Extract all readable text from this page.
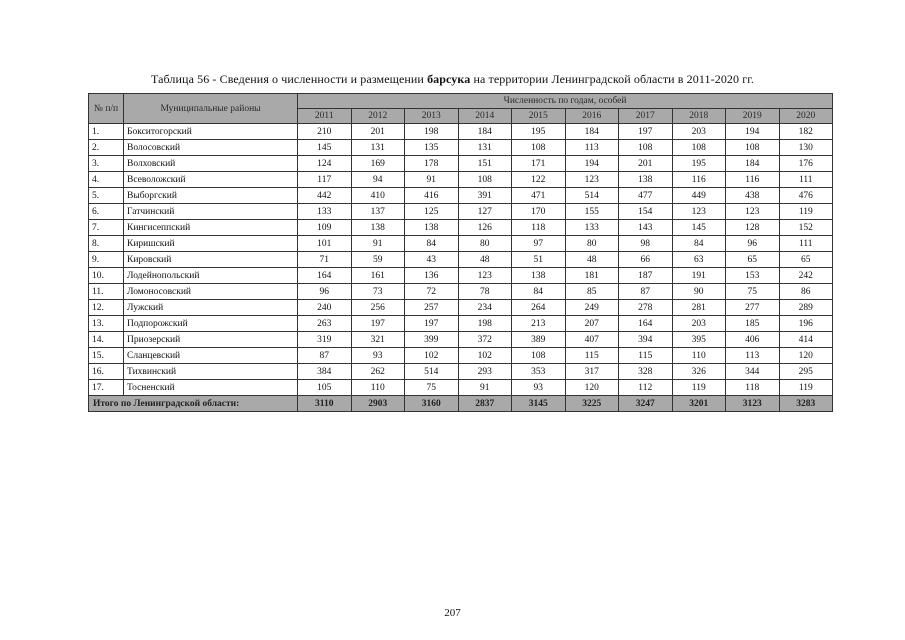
Таблица 56 - Сведения о численности и размещении барсука на территории Ленинградской области в 2011-2020 гг.
№ п/п	Муниципальные районы	Численность по годам, особей									
		2011	2012	2013	2014	2015	2016	2017	2018	2019	2020
1.	Бокситогорский	210	201	198	184	195	184	197	203	194	182
2.	Волосовский	145	131	135	131	108	113	108	108	108	130
3.	Волховский	124	169	178	151	171	194	201	195	184	176
4.	Всеволожский	117	94	91	108	122	123	138	116	116	111
5.	Выборгский	442	410	416	391	471	514	477	449	438	476
6.	Гатчинский	133	137	125	127	170	155	154	123	123	119
7.	Кингисеппский	109	138	138	126	118	133	143	145	128	152
8.	Киришский	101	91	84	80	97	80	98	84	96	111
9.	Кировский	71	59	43	48	51	48	66	63	65	65
10.	Лодейнопольский	164	161	136	123	138	181	187	191	153	242
11.	Ломоносовский	96	73	72	78	84	85	87	90	75	86
12.	Лужский	240	256	257	234	264	249	278	281	277	289
13.	Подпорожский	263	197	197	198	213	207	164	203	185	196
14.	Приозерский	319	321	399	372	389	407	394	395	406	414
15.	Сланцевский	87	93	102	102	108	115	115	110	113	120
16.	Тихвинский	384	262	514	293	353	317	328	326	344	295
17.	Тосненский	105	110	75	91	93	120	112	119	118	119
Итого по Ленинградской области:		3110	2903	3160	2837	3145	3225	3247	3201	3123	3283
207
